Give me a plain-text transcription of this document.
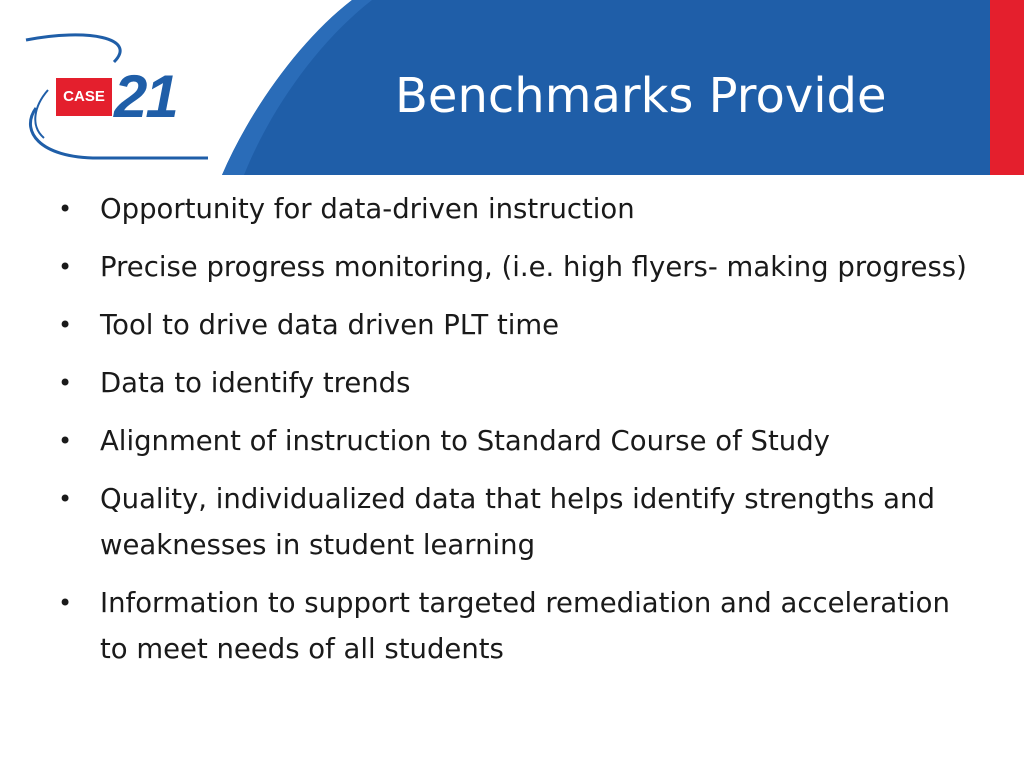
CASE 21	Benchmarks Provide
• Opportunity for data-driven instruction
• Precise progress monitoring, (i.e. high flyers- making progress)
• Tool to drive data driven PLT time
• Data to identify trends
• Alignment of instruction to Standard Course of Study
• Quality, individualized data that helps identify strengths and weaknesses in student learning
• Information to support targeted remediation and acceleration to meet needs of all students
